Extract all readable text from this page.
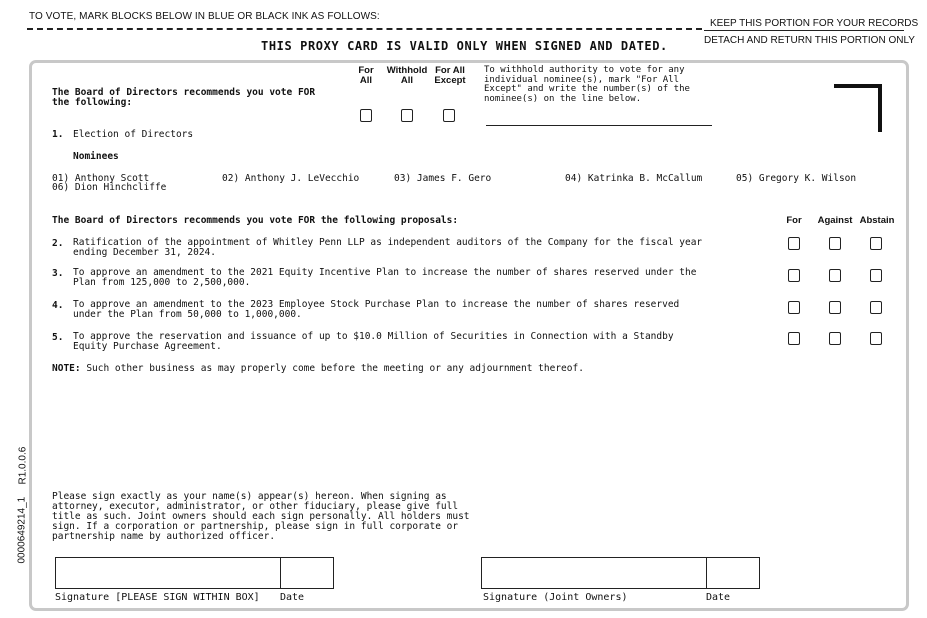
TO VOTE, MARK BLOCKS BELOW IN BLUE OR BLACK INK AS FOLLOWS:
KEEP THIS PORTION FOR YOUR RECORDS
DETACH AND RETURN THIS PORTION ONLY
THIS PROXY CARD IS VALID ONLY WHEN SIGNED AND DATED.
0000649214_1
R1.0.0.6
The Board of Directors recommends you vote FOR the following:
For
All
Withhold
All
For All
Except
To withhold authority to vote for any individual nominee(s), mark "For All Except" and write the number(s) of the nominee(s) on the line below.
1. Election of Directors
Nominees
01) Anthony Scott	02) Anthony J. LeVecchio	03) James F. Gero	04) Katrinka B. McCallum	05) Gregory K. Wilson
06) Dion Hinchcliffe
The Board of Directors recommends you vote FOR the following proposals:	For	Against Abstain
2. Ratification of the appointment of Whitley Penn LLP as independent auditors of the Company for the fiscal year
ending December 31, 2024.
3. To approve an amendment to the 2021 Equity Incentive Plan to increase the number of shares reserved under the
Plan from 125,000 to 2,500,000.
4. To approve an amendment to the 2023 Employee Stock Purchase Plan to increase the number of shares reserved
under the Plan from 50,000 to 1,000,000.
5. To approve the reservation and issuance of up to $10.0 Million of Securities in Connection with a Standby
Equity Purchase Agreement.
NOTE: Such other business as may properly come before the meeting or any adjournment thereof.
Please sign exactly as your name(s) appear(s) hereon. When signing as
attorney, executor, administrator, or other fiduciary, please give full
title as such. Joint owners should each sign personally. All holders must
sign. If a corporation or partnership, please sign in full corporate or
partnership name by authorized officer.
Signature [PLEASE SIGN WITHIN BOX] Date	Signature (Joint Owners)	Date
